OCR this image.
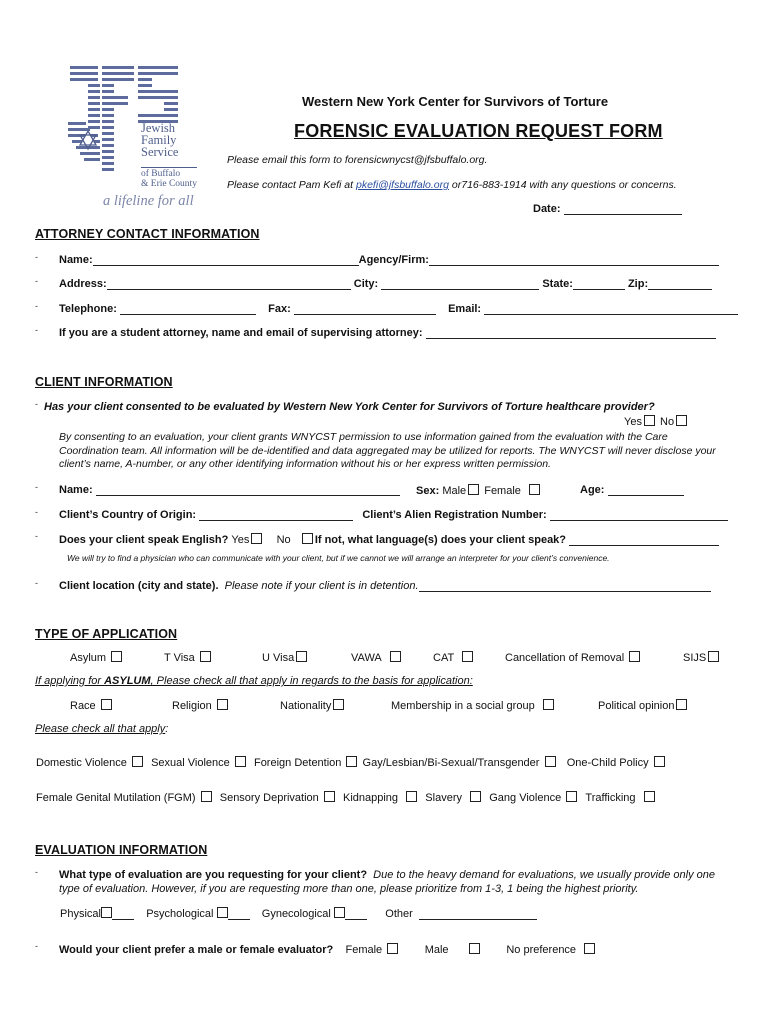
Jewish
Family
Service
of Buffalo
& Erie County
a lifeline for all
Western New York Center for Survivors of Torture
FORENSIC EVALUATION REQUEST FORM
Please email this form to forensicwnycst@jfsbuffalo.org.
Please contact Pam Kefi at pkefi@jfsbuffalo.org or716-883-1914 with any questions or concerns.
Date:
ATTORNEY CONTACT INFORMATION
- Name:	Agency/Firm:
- Address:	City:	State:	Zip:
- Telephone:	Fax:	Email:
- If you are a student attorney, name and email of supervising attorney:
CLIENT INFORMATION
- Has your client consented to be evaluated by Western New York Center for Survivors of Torture healthcare provider?
Yes No
By consenting to an evaluation, your client grants WNYCST permission to use information gained from the evaluation with the Care Coordination team. All information will be de-identified and data aggregated may be utilized for reports. The WNYCST will never disclose your client’s name, A-number, or any other identifying information without his or her express written permission.
- Name:	Sex: Male Female	Age:
- Client’s Country of Origin:	Client’s Alien Registration Number:
- Does your client speak English? Yes No If not, what language(s) does your client speak?
We will try to find a physician who can communicate with your client, but if we cannot we will arrange an interpreter for your client’s convenience.
- Client location (city and state). Please note if your client is in detention.
TYPE OF APPLICATION
Asylum	T Visa	U Visa	VAWA	CAT	Cancellation of Removal	SIJS
If applying for ASYLUM, Please check all that apply in regards to the basis for application:
Race	Religion	Nationality	Membership in a social group	Political opinion
Please check all that apply:
Domestic Violence Sexual Violence Foreign Detention Gay/Lesbian/Bi-Sexual/Transgender One-Child Policy
Female Genital Mutilation (FGM) Sensory Deprivation Kidnapping Slavery Gang Violence Trafficking
EVALUATION INFORMATION
- What type of evaluation are you requesting for your client? Due to the heavy demand for evaluations, we usually provide only one type of evaluation. However, if you are requesting more than one, please prioritize from 1-3, 1 being the highest priority.
Physical	Psychological	Gynecological	Other
- Would your client prefer a male or female evaluator? Female	Male	No preference
